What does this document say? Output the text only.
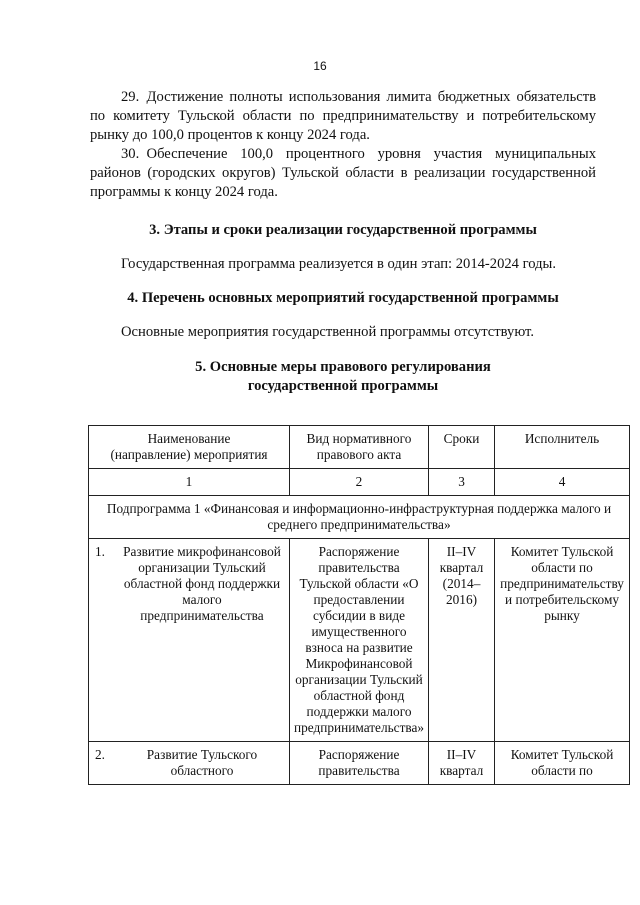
16

29. Достижение полноты использования лимита бюджетных обязательств по комитету Тульской области по предпринимательству и потребительскому рынку до 100,0 процентов к концу 2024 года.

30. Обеспечение 100,0 процентного уровня участия муниципальных районов (городских округов) Тульской области в реализации государственной программы к концу 2024 года.

3. Этапы и сроки реализации государственной программы

Государственная программа реализуется в один этап: 2014-2024 годы.

4. Перечень основных мероприятий государственной программы

Основные мероприятия государственной программы отсутствуют.

5. Основные меры правового регулирования
государственной программы
Наименование (направление) мероприятия	Вид нормативного правового акта	Сроки	Исполнитель
1	2	3	4
Подпрограмма 1 «Финансовая и информационно-инфраструктурная поддержка малого и среднего предпринимательства»			

1. Развитие микрофинансовой организации Тульский областной фонд поддержки малого предпринимательства	Распоряжение правительства Тульской области «О предоставлении субсидии в виде имущественного взноса на развитие Микрофинансовой организации Тульский областной фонд поддержки малого предпринимательства»	II–IV квартал (2014–2016)	Комитет Тульской области по предпринимательству и потребительскому рынку

2. Развитие Тульского областного	Распоряжение правительства	II–IV квартал	Комитет Тульской области по
